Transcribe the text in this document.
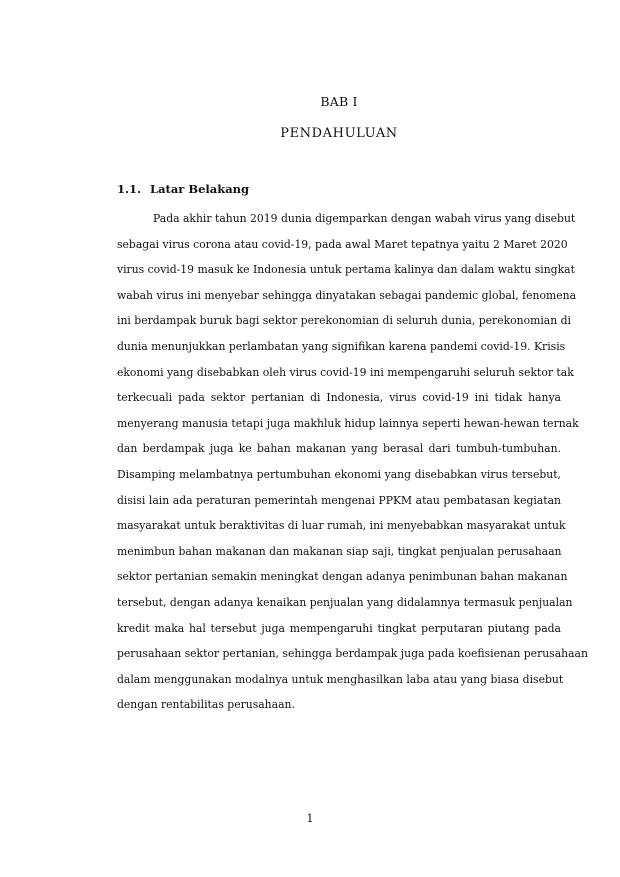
BAB I
PENDAHULUAN
1.1. Latar Belakang
Pada akhir tahun 2019 dunia digemparkan dengan wabah virus yang disebut
sebagai virus corona atau covid-19, pada awal Maret tepatnya yaitu 2 Maret 2020
virus covid-19 masuk ke Indonesia untuk pertama kalinya dan dalam waktu singkat
wabah virus ini menyebar sehingga dinyatakan sebagai pandemic global, fenomena
ini berdampak buruk bagi sektor perekonomian di seluruh dunia, perekonomian di
dunia menunjukkan perlambatan yang signifikan karena pandemi covid-19. Krisis
ekonomi yang disebabkan oleh virus covid-19 ini mempengaruhi seluruh sektor tak
terkecuali pada sektor pertanian di Indonesia, virus covid-19 ini tidak hanya
menyerang manusia tetapi juga makhluk hidup lainnya seperti hewan-hewan ternak
dan berdampak juga ke bahan makanan yang berasal dari tumbuh-tumbuhan.
Disamping melambatnya pertumbuhan ekonomi yang disebabkan virus tersebut,
disisi lain ada peraturan pemerintah mengenai PPKM atau pembatasan kegiatan
masyarakat untuk beraktivitas di luar rumah, ini menyebabkan masyarakat untuk
menimbun bahan makanan dan makanan siap saji, tingkat penjualan perusahaan
sektor pertanian semakin meningkat dengan adanya penimbunan bahan makanan
tersebut, dengan adanya kenaikan penjualan yang didalamnya termasuk penjualan
kredit maka hal tersebut juga mempengaruhi tingkat perputaran piutang pada
perusahaan sektor pertanian, sehingga berdampak juga pada koefisienan perusahaan
dalam menggunakan modalnya untuk menghasilkan laba atau yang biasa disebut
dengan rentabilitas perusahaan.
1
